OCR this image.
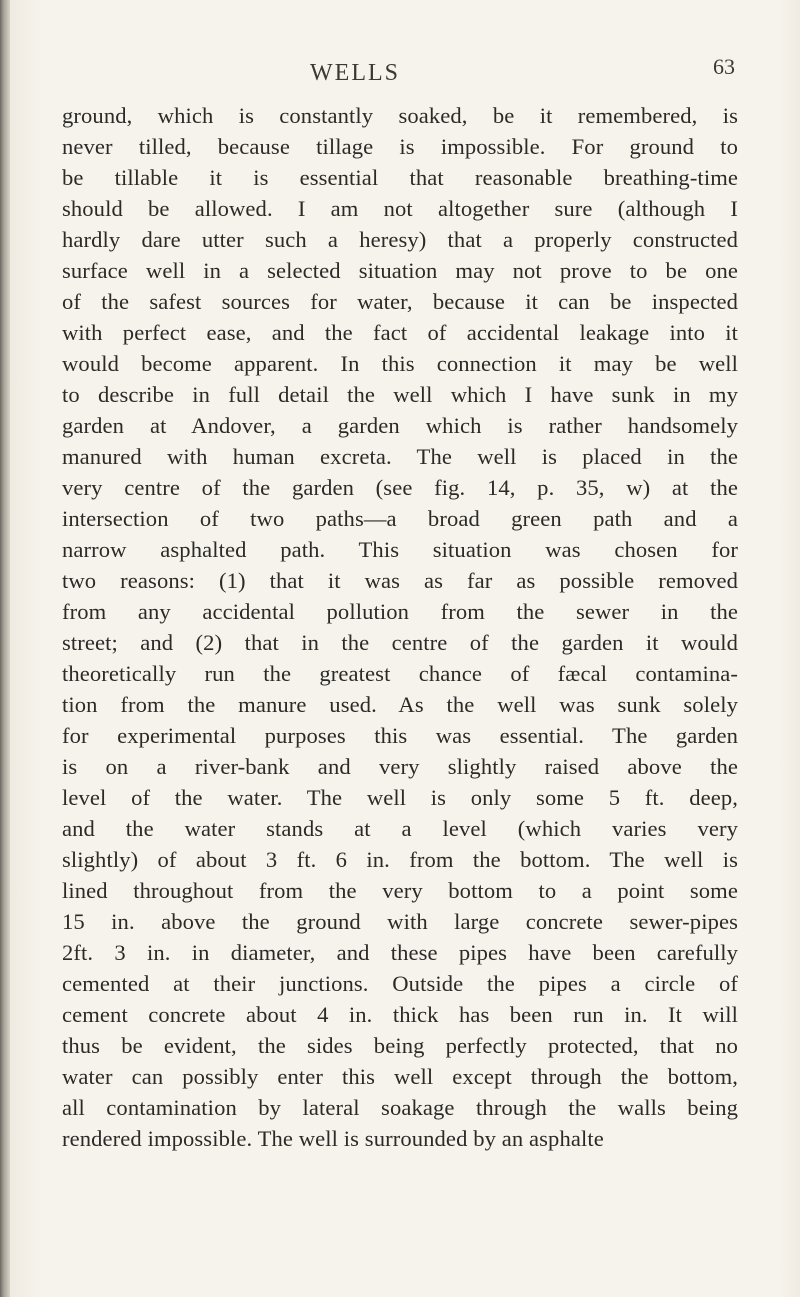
WELLS	63
ground, which is constantly soaked, be it remembered, is
never tilled, because tillage is impossible. For ground to
be tillable it is essential that reasonable breathing-time
should be allowed. I am not altogether sure (although I
hardly dare utter such a heresy) that a properly constructed
surface well in a selected situation may not prove to be one
of the safest sources for water, because it can be inspected
with perfect ease, and the fact of accidental leakage into it
would become apparent. In this connection it may be well
to describe in full detail the well which I have sunk in my
garden at Andover, a garden which is rather handsomely
manured with human excreta. The well is placed in the
very centre of the garden (see fig. 14, p. 35, w) at the
intersection of two paths—a broad green path and a
narrow asphalted path. This situation was chosen for
two reasons: (1) that it was as far as possible removed
from any accidental pollution from the sewer in the
street; and (2) that in the centre of the garden it would
theoretically run the greatest chance of fæcal contamina-
tion from the manure used. As the well was sunk solely
for experimental purposes this was essential. The garden
is on a river-bank and very slightly raised above the
level of the water. The well is only some 5 ft. deep,
and the water stands at a level (which varies very
slightly) of about 3 ft. 6 in. from the bottom. The well is
lined throughout from the very bottom to a point some
15 in. above the ground with large concrete sewer-pipes
2ft. 3 in. in diameter, and these pipes have been carefully
cemented at their junctions. Outside the pipes a circle of
cement concrete about 4 in. thick has been run in. It will
thus be evident, the sides being perfectly protected, that no
water can possibly enter this well except through the bottom,
all contamination by lateral soakage through the walls being
rendered impossible. The well is surrounded by an asphalte
